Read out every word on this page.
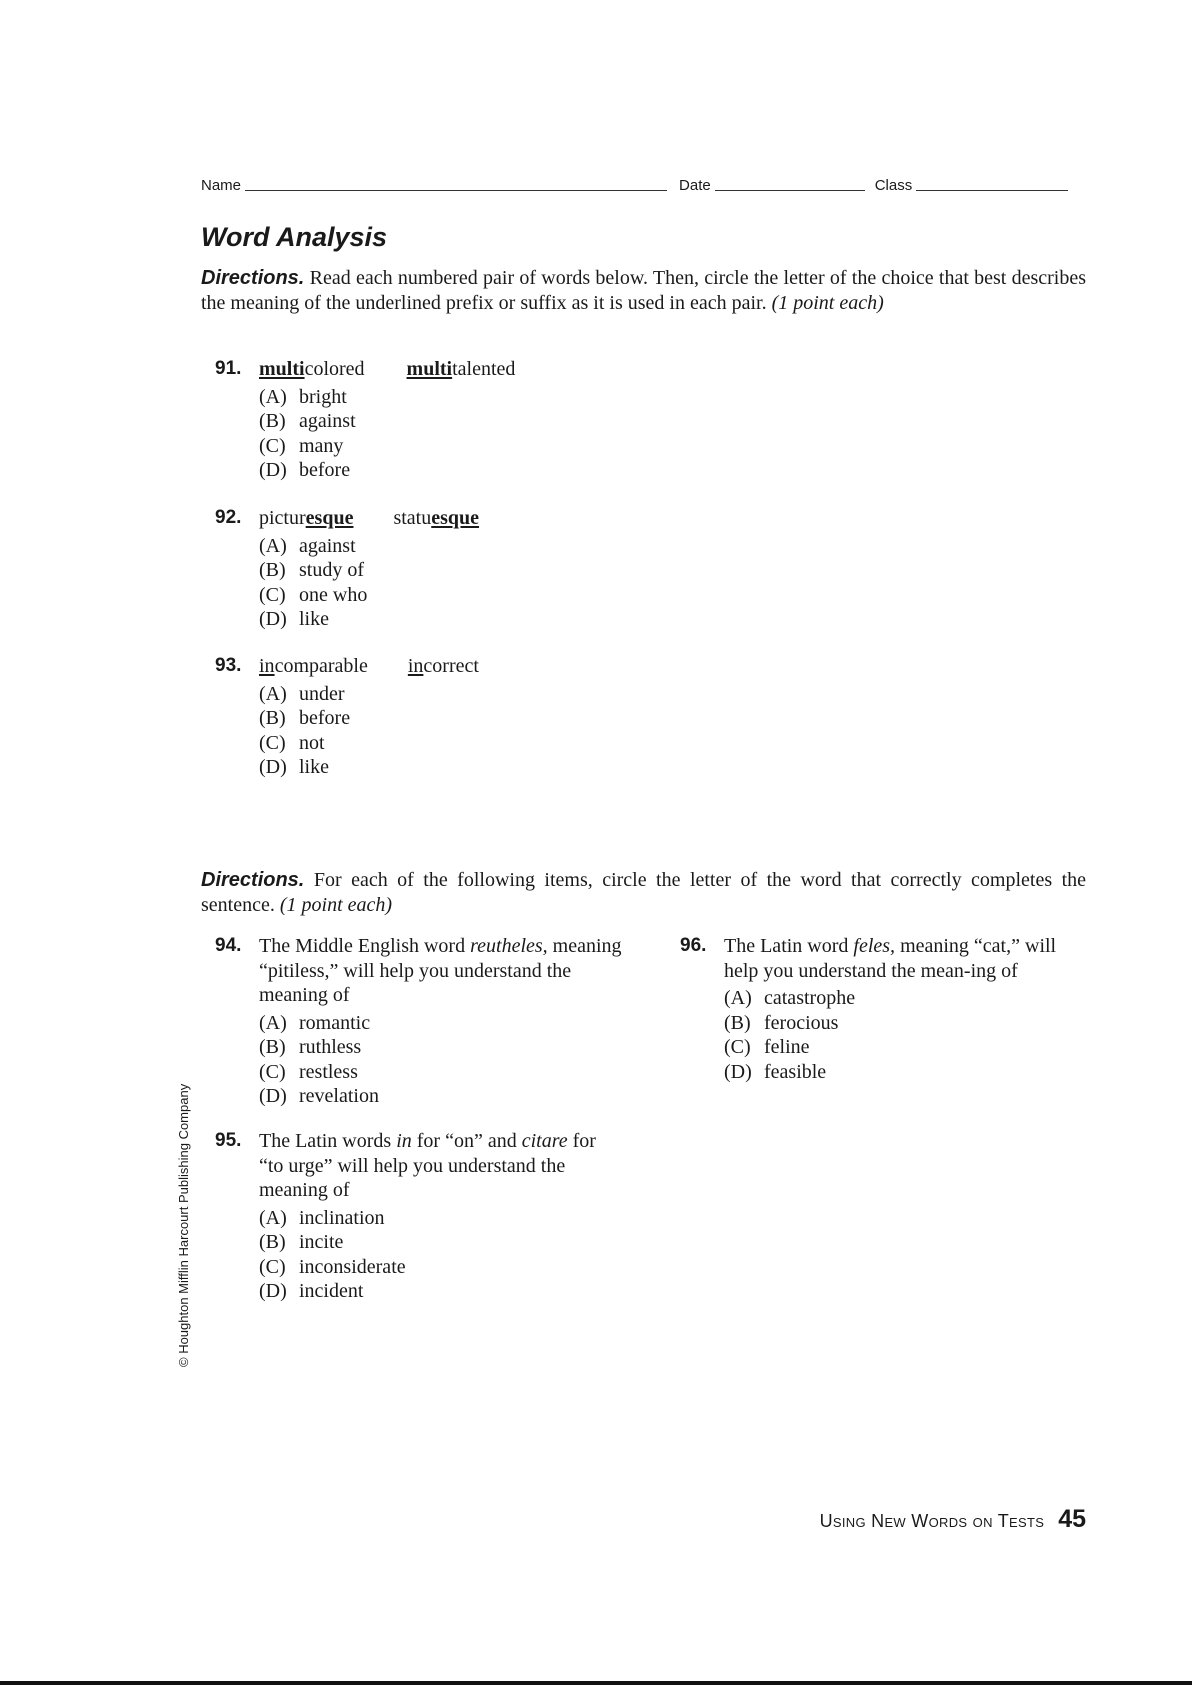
Name	Date	Class
Word Analysis

Directions. Read each numbered pair of words below. Then, circle the letter of the choice that best describes the meaning of the underlined prefix or suffix as it is used in each pair. (1 point each)

91. multicolored multitalented
(A) bright
(B) against
(C) many
(D) before
92. picturesque statuesque
(A) against
(B) study of
(C) one who
(D) like
93. incomparable incorrect
(A) under
(B) before
(C) not
(D) like

Directions. For each of the following items, circle the letter of the word that correctly completes the sentence. (1 point each)

94. The Middle English word reutheles, meaning “pitiless,” will help you understand the meaning of

(A) romantic
(B) ruthless
(C) restless
(D) revelation
95. The Latin words in for “on” and citare for “to urge” will help you understand the meaning of

(A) inclination
(B) incite
(C) inconsiderate
(D) incident
96. The Latin word feles, meaning “cat,” will help you understand the mean-ing of

(A) catastrophe
(B) ferocious
(C) feline
(D) feasible
© Houghton Mifflin Harcourt Publishing Company
Using New Words on Tests 45
